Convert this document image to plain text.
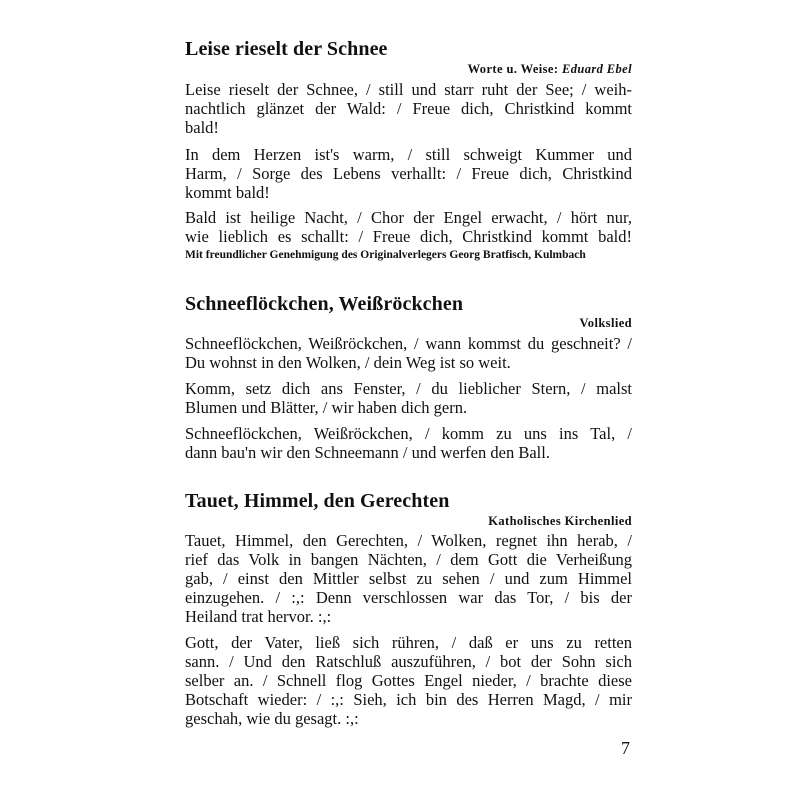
Leise rieselt der Schnee
Worte u. Weise: Eduard Ebel
Leise rieselt der Schnee, / still und starr ruht der See; / weih-
nachtlich glänzet der Wald: / Freue dich, Christkind kommt
bald!
In dem Herzen ist's warm, / still schweigt Kummer und
Harm, / Sorge des Lebens verhallt: / Freue dich, Christkind
kommt bald!
Bald ist heilige Nacht, / Chor der Engel erwacht, / hört nur,
wie lieblich es schallt: / Freue dich, Christkind kommt bald!
Mit freundlicher Genehmigung des Originalverlegers Georg Bratfisch, Kulmbach
Schneeflöckchen, Weißröckchen
Volkslied
Schneeflöckchen, Weißröckchen, / wann kommst du geschneit? /
Du wohnst in den Wolken, / dein Weg ist so weit.
Komm, setz dich ans Fenster, / du lieblicher Stern, / malst
Blumen und Blätter, / wir haben dich gern.
Schneeflöckchen, Weißröckchen, / komm zu uns ins Tal, /
dann bau'n wir den Schneemann / und werfen den Ball.
Tauet, Himmel, den Gerechten
Katholisches Kirchenlied
Tauet, Himmel, den Gerechten, / Wolken, regnet ihn herab, /
rief das Volk in bangen Nächten, / dem Gott die Verheißung
gab, / einst den Mittler selbst zu sehen / und zum Himmel
einzugehen. / :,: Denn verschlossen war das Tor, / bis der
Heiland trat hervor. :,:
Gott, der Vater, ließ sich rühren, / daß er uns zu retten
sann. / Und den Ratschluß auszuführen, / bot der Sohn sich
selber an. / Schnell flog Gottes Engel nieder, / brachte diese
Botschaft wieder: / :,: Sieh, ich bin des Herren Magd, / mir
geschah, wie du gesagt. :,:
7
